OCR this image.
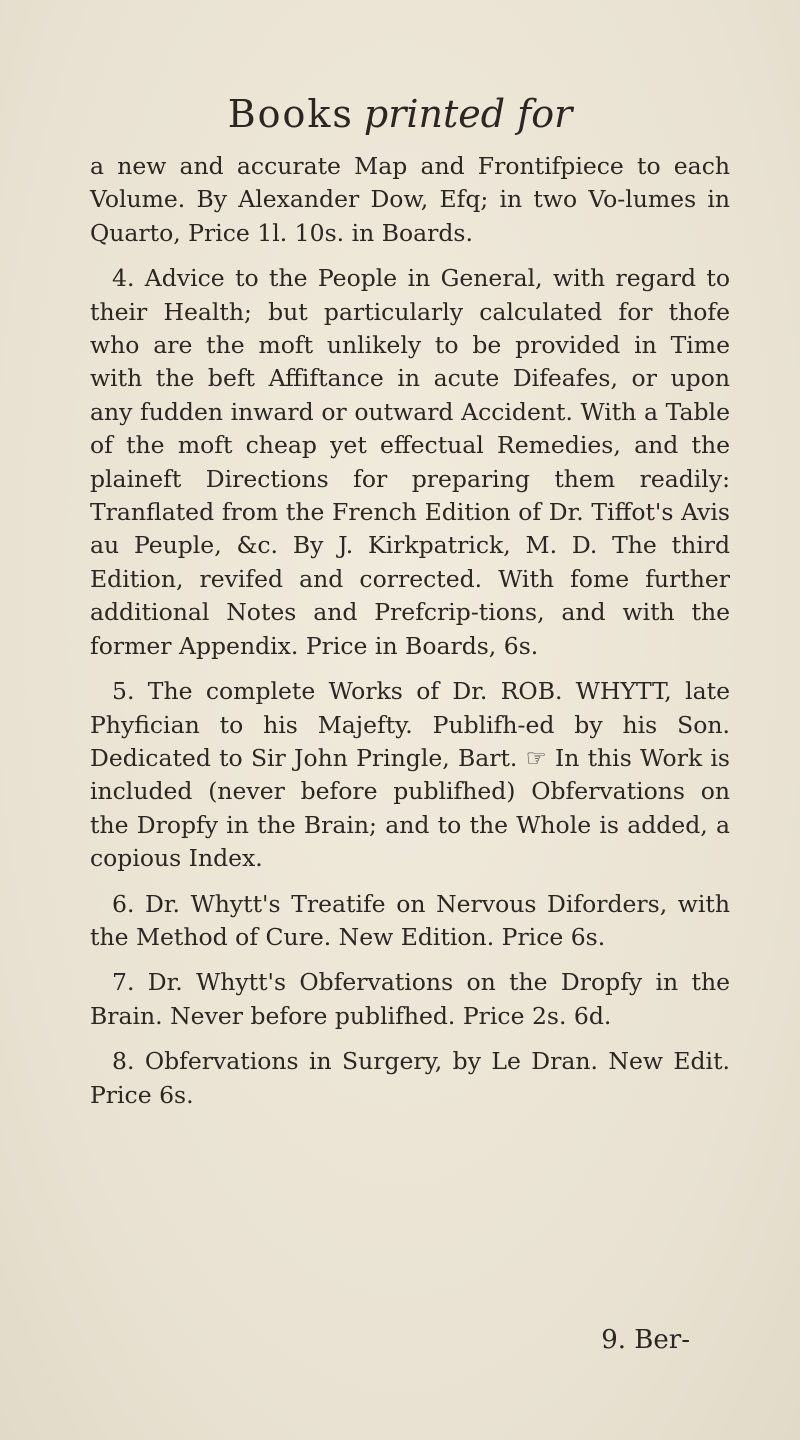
Books printed for

a new and accurate Map and Frontifpiece to each Volume. By Alexander Dow, Efq; in two Vo-lumes in Quarto, Price 1l. 10s. in Boards.

4. Advice to the People in General, with regard to their Health; but particularly calculated for thofe who are the moft unlikely to be provided in Time with the beft Affiftance in acute Difeafes, or upon any fudden inward or outward Accident. With a Table of the moft cheap yet effectual Remedies, and the plaineft Directions for preparing them readily: Tranflated from the French Edition of Dr. Tiffot's Avis au Peuple, &c. By J. Kirkpatrick, M. D. The third Edition, revifed and corrected. With fome further additional Notes and Prefcrip-tions, and with the former Appendix. Price in Boards, 6s.

5. The complete Works of Dr. ROB. WHYTT, late Phyfician to his Majefty. Publifh-ed by his Son. Dedicated to Sir John Pringle, Bart. ☞ In this Work is included (never before publifhed) Obfervations on the Dropfy in the Brain; and to the Whole is added, a copious Index.

6. Dr. Whytt's Treatife on Nervous Diforders, with the Method of Cure. New Edition. Price 6s.

7. Dr. Whytt's Obfervations on the Dropfy in the Brain. Never before publifhed. Price 2s. 6d.

8. Obfervations in Surgery, by Le Dran. New Edit. Price 6s.

9. Ber-
